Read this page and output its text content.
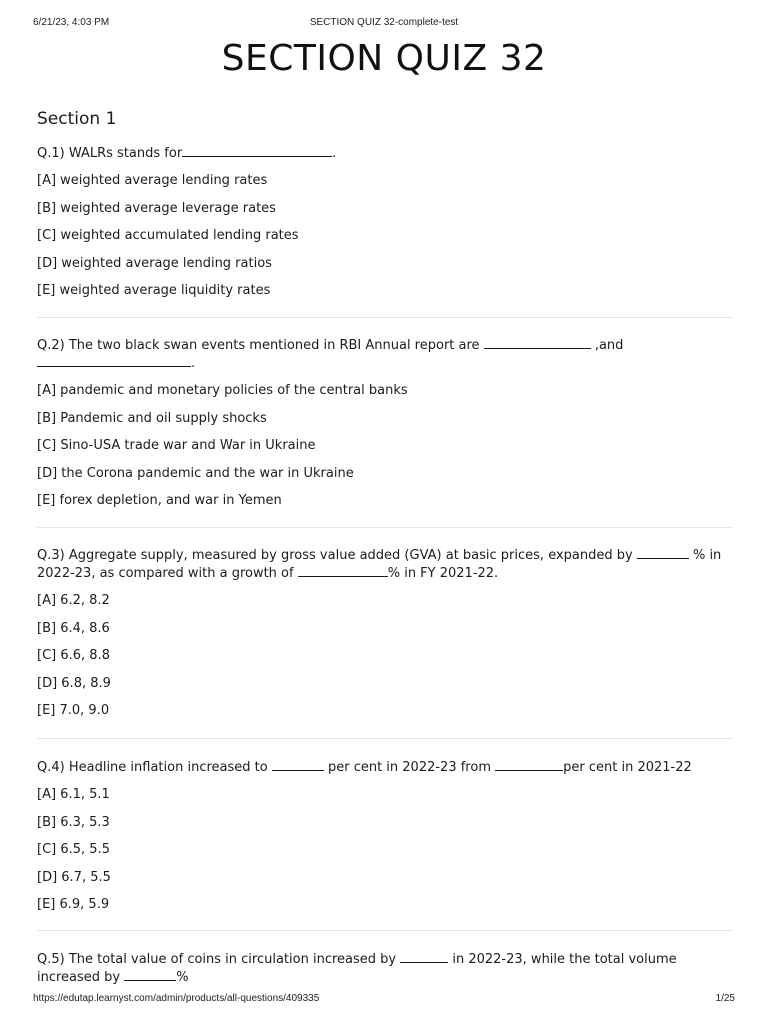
6/21/23, 4:03 PM	SECTION QUIZ 32-complete-test
SECTION QUIZ 32
Section 1

Q.1) WALRs stands for	.

[A] weighted average lending rates

[B] weighted average leverage rates

[C] weighted accumulated lending rates

[D] weighted average lending ratios

[E] weighted average liquidity rates

Q.2) The two black swan events mentioned in RBI Annual report are	,and .

[A] pandemic and monetary policies of the central banks

[B] Pandemic and oil supply shocks

[C] Sino-USA trade war and War in Ukraine

[D] the Corona pandemic and the war in Ukraine

[E] forex depletion, and war in Yemen

Q.3) Aggregate supply, measured by gross value added (GVA) at basic prices, expanded by	% in 2022-23, as compared with a growth of	% in FY 2021-22.

[A] 6.2, 8.2

[B] 6.4, 8.6

[C] 6.6, 8.8

[D] 6.8, 8.9

[E] 7.0, 9.0

Q.4) Headline inflation increased to	per cent in 2022-23 from	per cent in 2021-22

[A] 6.1, 5.1

[B] 6.3, 5.3

[C] 6.5, 5.5

[D] 6.7, 5.5

[E] 6.9, 5.9

Q.5) The total value of coins in circulation increased by	in 2022-23, while the total volume increased by	%

https://edutap.learnyst.com/admin/products/all-questions/409335	1/25
